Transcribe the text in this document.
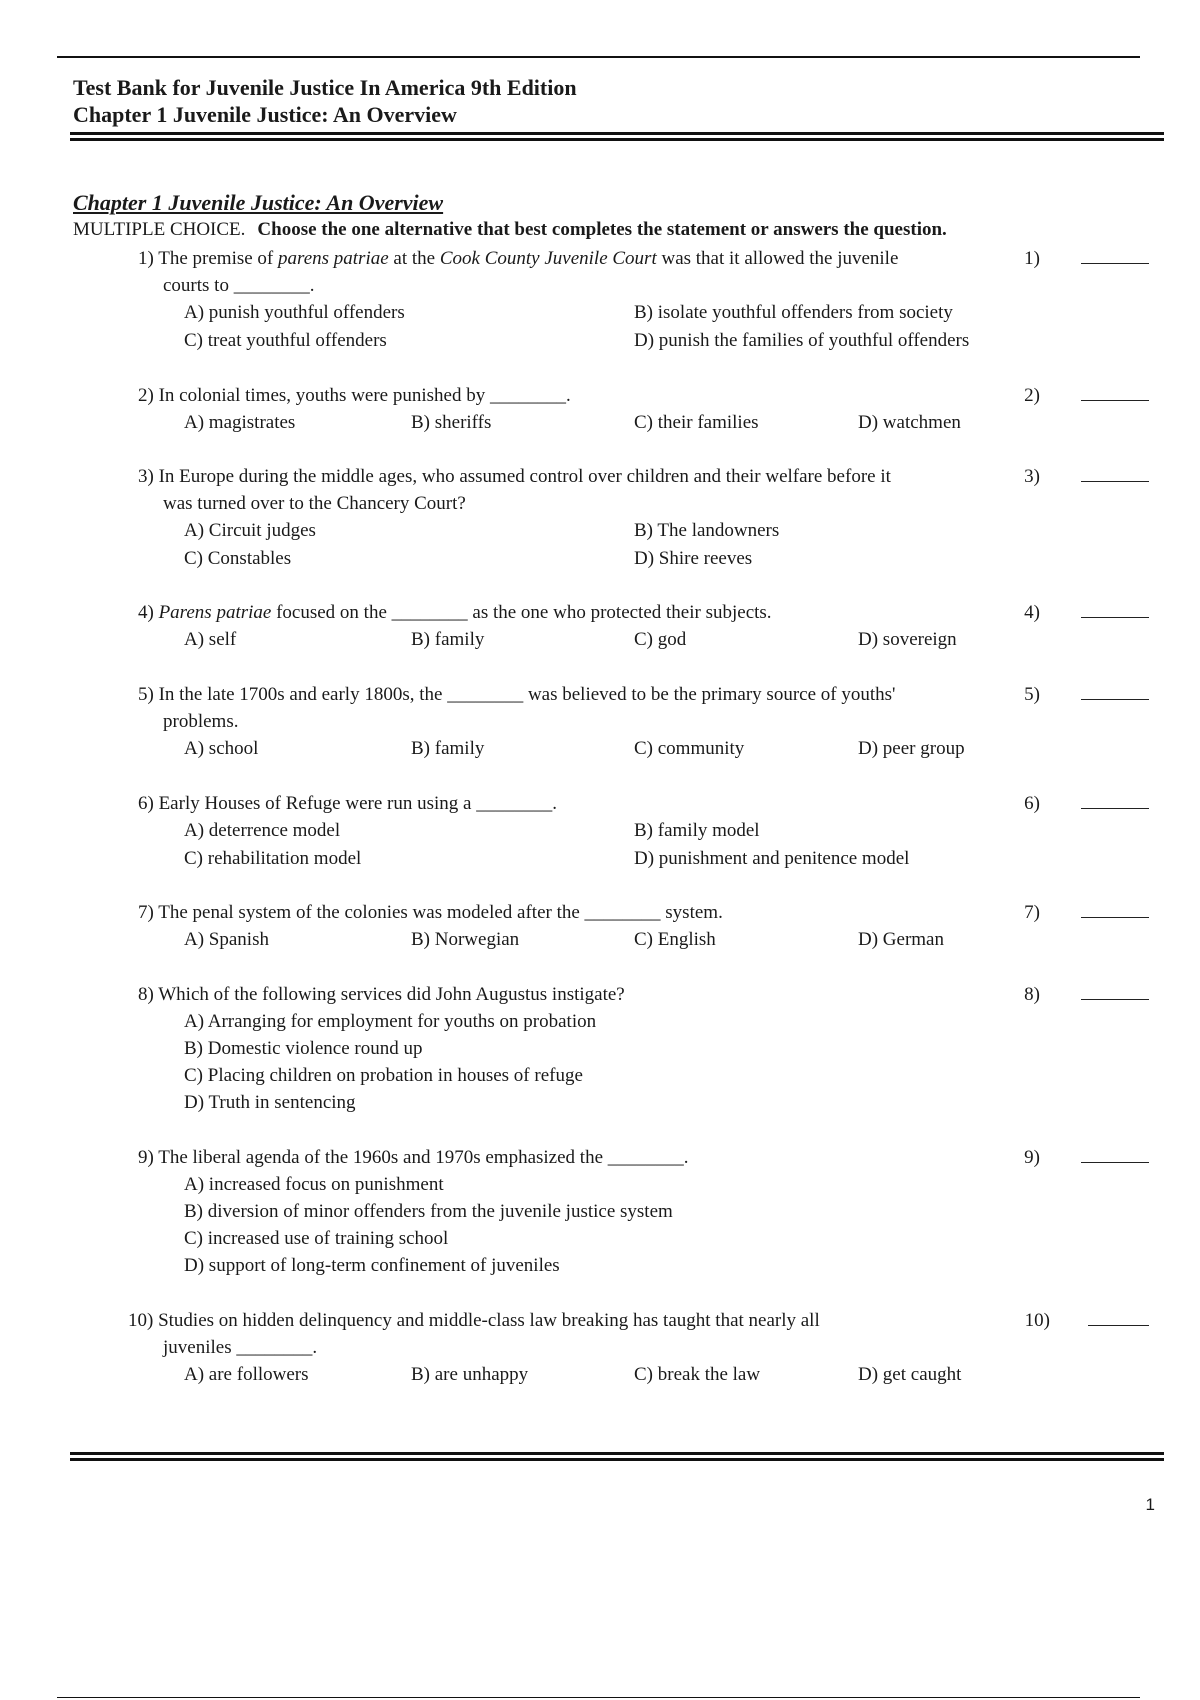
Test Bank for Juvenile Justice In America 9th Edition
Chapter 1 Juvenile Justice: An Overview
Chapter 1 Juvenile Justice: An Overview
MULTIPLE CHOICE. Choose the one alternative that best completes the statement or answers the question.
1) The premise of parens patriae at the Cook County Juvenile Court was that it allowed the juvenile
courts to ________.
1)
A) punish youthful offenders	B) isolate youthful offenders from society
C) treat youthful offenders	D) punish the families of youthful offenders
2) In colonial times, youths were punished by ________.	2)
A) magistrates	B) sheriffs	C) their families	D) watchmen
3) In Europe during the middle ages, who assumed control over children and their welfare before it
was turned over to the Chancery Court?
3)
A) Circuit judges	B) The landowners
C) Constables	D) Shire reeves
4) Parens patriae focused on the ________ as the one who protected their subjects.	4)
A) self	B) family	C) god	D) sovereign
5) In the late 1700s and early 1800s, the ________ was believed to be the primary source of youths'
problems.
5)
A) school	B) family	C) community	D) peer group
6) Early Houses of Refuge were run using a ________.	6)
A) deterrence model	B) family model
C) rehabilitation model	D) punishment and penitence model
7) The penal system of the colonies was modeled after the ________ system.	7)
A) Spanish	B) Norwegian	C) English	D) German
8) Which of the following services did John Augustus instigate?	8)
A) Arranging for employment for youths on probation
B) Domestic violence round up
C) Placing children on probation in houses of refuge
D) Truth in sentencing
9) The liberal agenda of the 1960s and 1970s emphasized the ________.	9)
A) increased focus on punishment
B) diversion of minor offenders from the juvenile justice system
C) increased use of training school
D) support of long-term confinement of juveniles
10) Studies on hidden delinquency and middle-class law breaking has taught that nearly all
juveniles ________.
10)
A) are followers	B) are unhappy	C) break the law	D) get caught
1
